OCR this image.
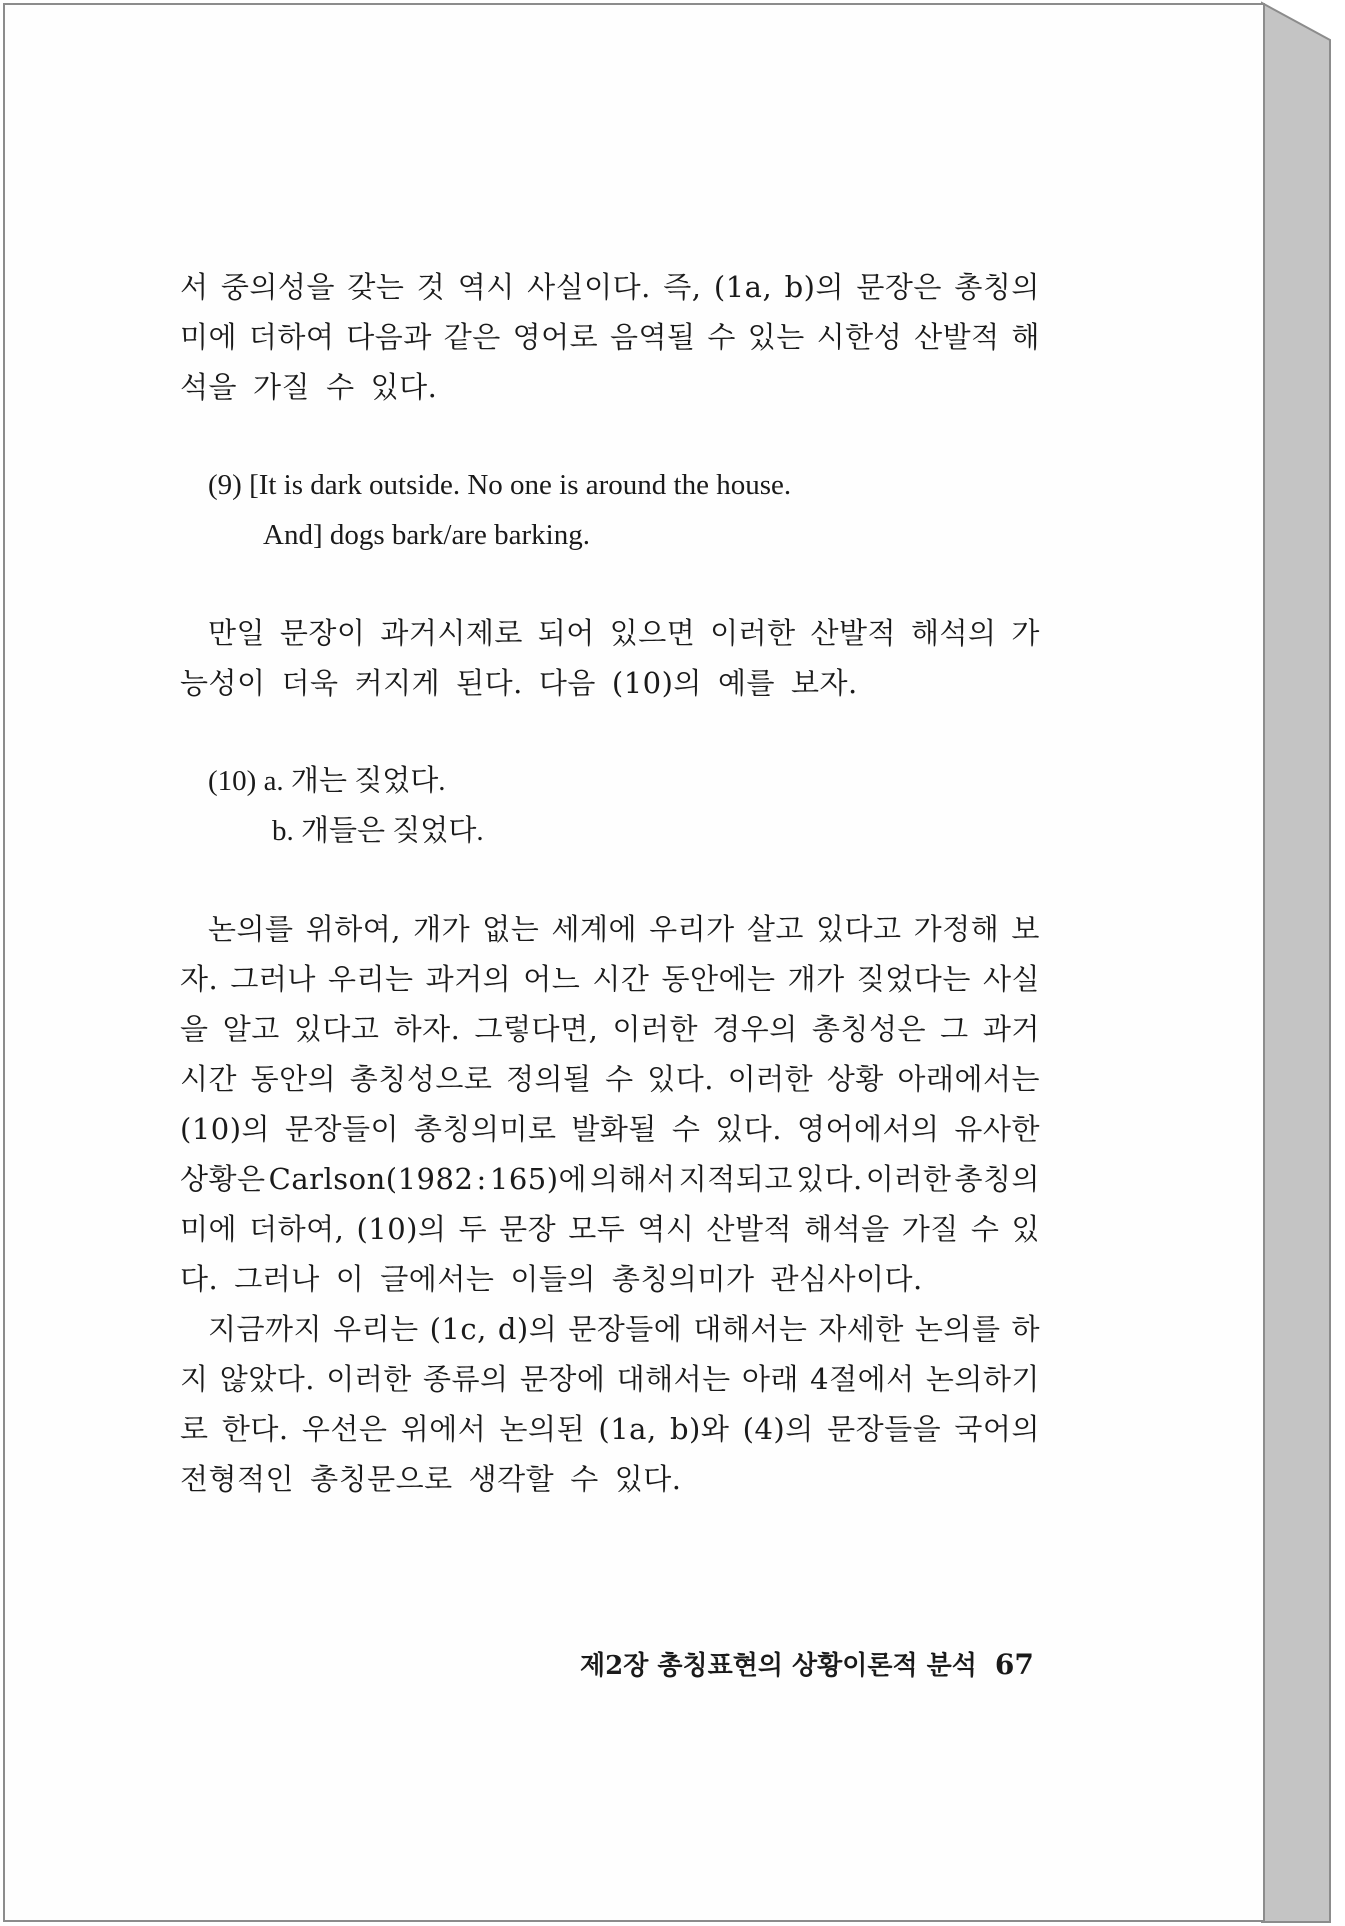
서 중의성을 갖는 것 역시 사실이다. 즉, (1a, b)의 문장은 총칭의
미에 더하여 다음과 같은 영어로 음역될 수 있는 시한성 산발적 해
석을 가질 수 있다.
(9) [It is dark outside. No one is around the house.
And] dogs bark/are barking.
만일 문장이 과거시제로 되어 있으면 이러한 산발적 해석의 가
능성이 더욱 커지게 된다. 다음 (10)의 예를 보자.
(10) a. 개는 짖었다.
b. 개들은 짖었다.
논의를 위하여, 개가 없는 세계에 우리가 살고 있다고 가정해 보
자. 그러나 우리는 과거의 어느 시간 동안에는 개가 짖었다는 사실
을 알고 있다고 하자. 그렇다면, 이러한 경우의 총칭성은 그 과거
시간 동안의 총칭성으로 정의될 수 있다. 이러한 상황 아래에서는
(10)의 문장들이 총칭의미로 발화될 수 있다. 영어에서의 유사한
상황은 Carlson(1982 : 165)에 의해서 지적되고 있다. 이러한 총칭의
미에 더하여, (10)의 두 문장 모두 역시 산발적 해석을 가질 수 있
다. 그러나 이 글에서는 이들의 총칭의미가 관심사이다.
지금까지 우리는 (1c, d)의 문장들에 대해서는 자세한 논의를 하
지 않았다. 이러한 종류의 문장에 대해서는 아래 4절에서 논의하기
로 한다. 우선은 위에서 논의된 (1a, b)와 (4)의 문장들을 국어의
전형적인 총칭문으로 생각할 수 있다.
제2장 총칭표현의 상황이론적 분석 67
